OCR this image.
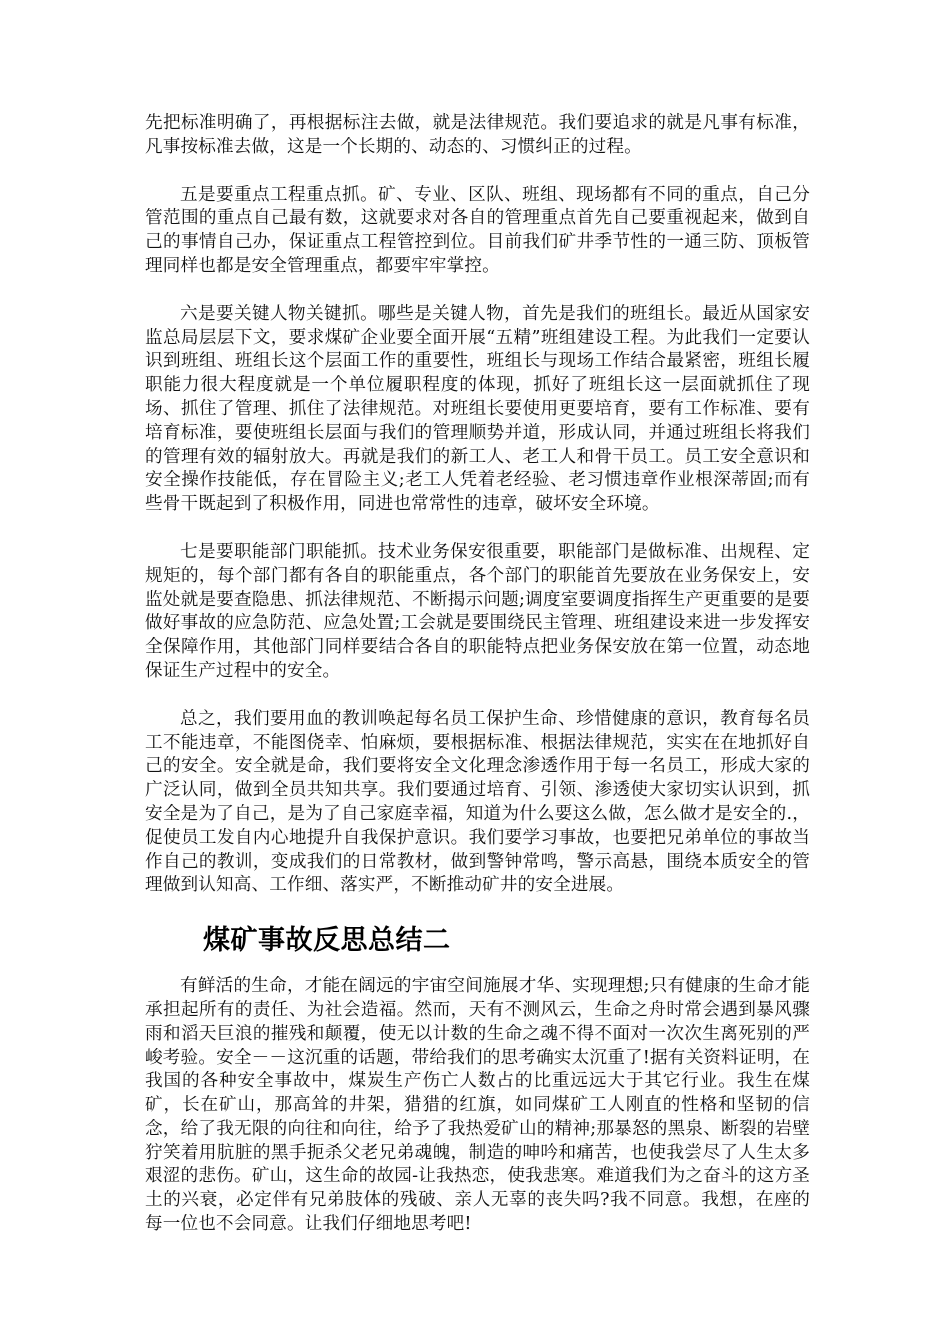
先把标准明确了，再根据标注去做，就是法律规范。我们要追求的就是凡事有标准，凡事按标准去做，这是一个长期的、动态的、习惯纠正的过程。

五是要重点工程重点抓。矿、专业、区队、班组、现场都有不同的重点，自己分管范围的重点自己最有数，这就要求对各自的管理重点首先自己要重视起来，做到自己的事情自己办，保证重点工程管控到位。目前我们矿井季节性的一通三防、顶板管理同样也都是安全管理重点，都要牢牢掌控。

六是要关键人物关键抓。哪些是关键人物，首先是我们的班组长。最近从国家安监总局层层下文，要求煤矿企业要全面开展“五精”班组建设工程。为此我们一定要认识到班组、班组长这个层面工作的重要性，班组长与现场工作结合最紧密，班组长履职能力很大程度就是一个单位履职程度的体现，抓好了班组长这一层面就抓住了现场、抓住了管理、抓住了法律规范。对班组长要使用更要培育，要有工作标准、要有培育标准，要使班组长层面与我们的管理顺势并道，形成认同，并通过班组长将我们的管理有效的辐射放大。再就是我们的新工人、老工人和骨干员工。员工安全意识和安全操作技能低，存在冒险主义;老工人凭着老经验、老习惯违章作业根深蒂固;而有些骨干既起到了积极作用，同进也常常性的违章，破坏安全环境。

七是要职能部门职能抓。技术业务保安很重要，职能部门是做标准、出规程、定规矩的，每个部门都有各自的职能重点，各个部门的职能首先要放在业务保安上，安监处就是要查隐患、抓法律规范、不断揭示问题;调度室要调度指挥生产更重要的是要做好事故的应急防范、应急处置;工会就是要围绕民主管理、班组建设来进一步发挥安全保障作用，其他部门同样要结合各自的职能特点把业务保安放在第一位置，动态地保证生产过程中的安全。

总之，我们要用血的教训唤起每名员工保护生命、珍惜健康的意识，教育每名员工不能违章，不能图侥幸、怕麻烦，要根据标准、根据法律规范，实实在在地抓好自己的安全。安全就是命，我们要将安全文化理念渗透作用于每一名员工，形成大家的广泛认同，做到全员共知共享。我们要通过培育、引领、渗透使大家切实认识到，抓安全是为了自己，是为了自己家庭幸福，知道为什么要这么做，怎么做才是安全的.，促使员工发自内心地提升自我保护意识。我们要学习事故，也要把兄弟单位的事故当作自己的教训，变成我们的日常教材，做到警钟常鸣，警示高悬，围绕本质安全的管理做到认知高、工作细、落实严，不断推动矿井的安全进展。

煤矿事故反思总结二

有鲜活的生命，才能在阔远的宇宙空间施展才华、实现理想;只有健康的生命才能承担起所有的责任、为社会造福。然而，天有不测风云，生命之舟时常会遇到暴风骤雨和滔天巨浪的摧残和颠覆，使无以计数的生命之魂不得不面对一次次生离死别的严峻考验。安全－－这沉重的话题，带给我们的思考确实太沉重了!据有关资料证明，在我国的各种安全事故中，煤炭生产伤亡人数占的比重远远大于其它行业。我生在煤矿，长在矿山，那高耸的井架，猎猎的红旗，如同煤矿工人刚直的性格和坚韧的信念，给了我无限的向往和向往，给予了我热爱矿山的精神;那暴怒的黑泉、断裂的岩壁狞笑着用肮脏的黑手扼杀父老兄弟魂魄，制造的呻吟和痛苦，也使我尝尽了人生太多艰涩的悲伤。矿山，这生命的故园-让我热恋，使我悲寒。难道我们为之奋斗的这方圣土的兴衰，必定伴有兄弟肢体的残破、亲人无辜的丧失吗?我不同意。我想，在座的每一位也不会同意。让我们仔细地思考吧!
